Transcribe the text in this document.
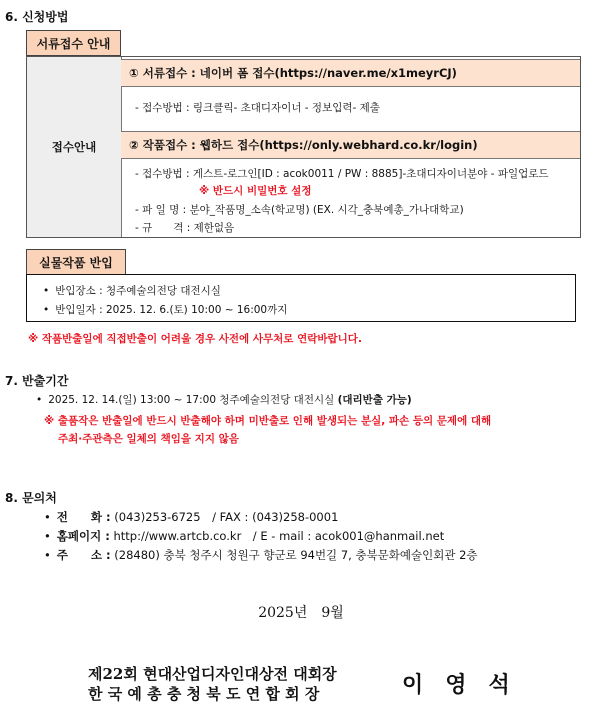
6. 신청방법
서류접수 안내
접수안내
① 서류접수 : 네이버 폼 접수(https://naver.me/x1meyrCJ)
- 접수방법 : 링크클릭- 초대디자이너 - 정보입력- 제출
② 작품접수 : 웹하드 접수(https://only.webhard.co.kr/login)
- 접수방법 : 게스트-로그인[ID : acok0011 / PW : 8885]-초대디자이너분야 - 파일업로드
※ 반드시 비밀번호 설정
- 파 일 명 : 분야_작품명_소속(학교명) (EX. 시각_충북예총_가나대학교)
- 규　　격 : 제한없음
실물작품 반입
• 반입장소 : 청주예술의전당 대전시실
• 반입일자 : 2025. 12. 6.(토) 10:00 ~ 16:00까지
※ 작품반출일에 직접반출이 어려울 경우 사전에 사무처로 연락바랍니다.
7. 반출기간
• 2025. 12. 14.(일) 13:00 ~ 17:00 청주예술의전당 대전시실 (대리반출 가능)
※ 출품작은 반출일에 반드시 반출해야 하며 미반출로 인해 발생되는 분실, 파손 등의 문제에 대해
주최·주관측은 일체의 책임을 지지 않음
8. 문의처
• 전　　화 : (043)253-6725　/ FAX : (043)258-0001
• 홈페이지 : http://www.artcb.co.kr　/ E - mail : acok001@hanmail.net
• 주　　소 : (28480) 충북 청주시 청원구 향군로 94번길 7, 충북문화예술인회관 2층
2025년　9월
제22회 현대산업디자인대상전 대회장
한 국 예 총 충 청 북 도 연 합 회 장	이　영　석
